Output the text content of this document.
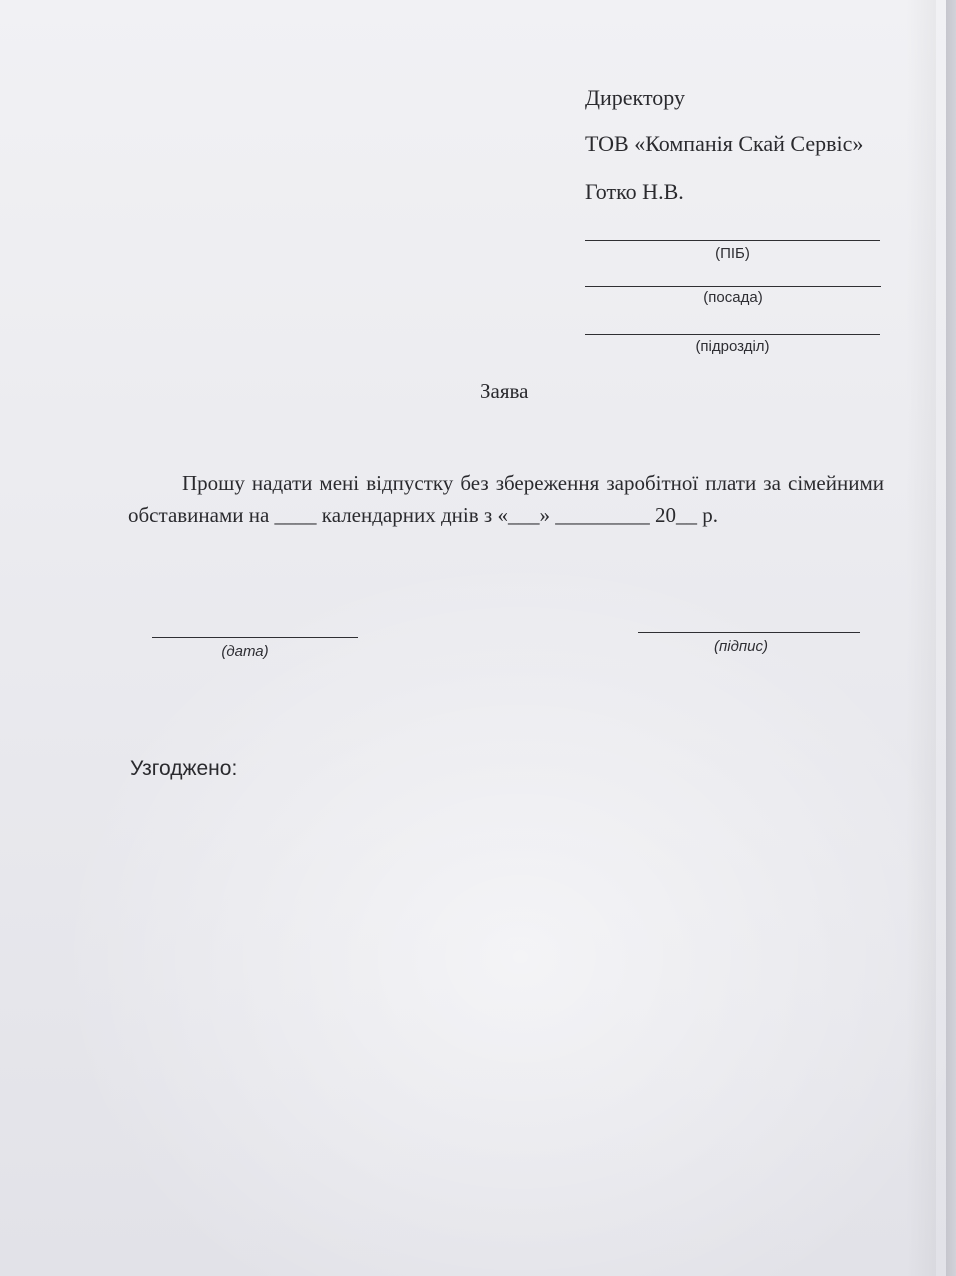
Директору
ТОВ «Компанія Скай Сервіс»
Готко Н.В.
(ПІБ)
(посада)
(підрозділ)
Заява
Прошу надати мені відпустку без збереження заробітної плати за сімейними обставинами на ____ календарних днів з «___» _________ 20__ р.
(дата)	(підпис)
Узгоджено:
